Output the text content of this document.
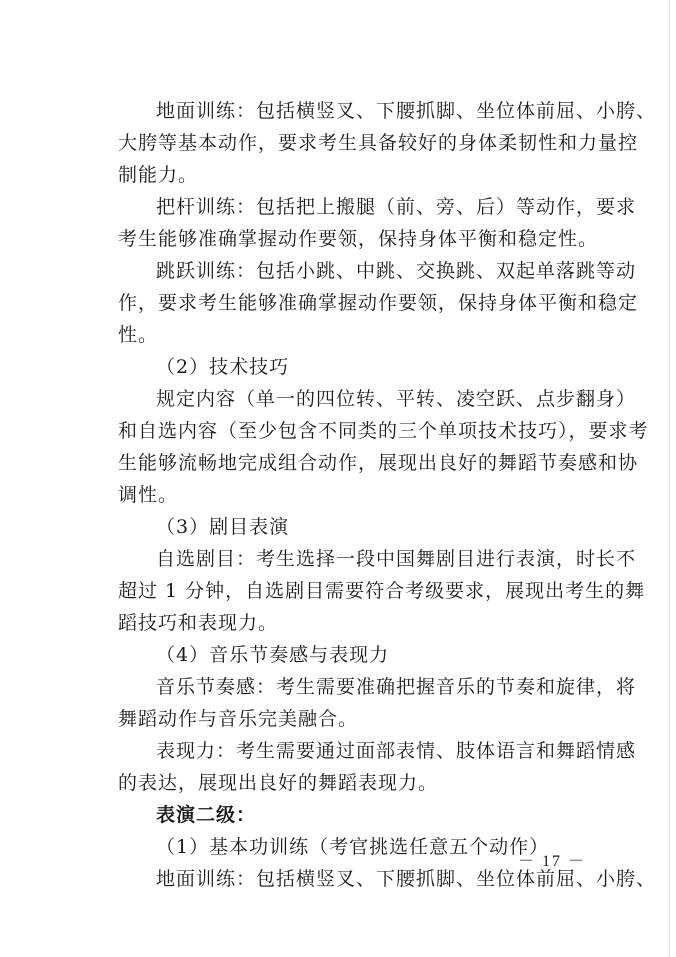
地面训练：包括横竖叉、下腰抓脚、坐位体前屈、小胯、
大胯等基本动作，要求考生具备较好的身体柔韧性和力量控
制能力。
把杆训练：包括把上搬腿（前、旁、后）等动作，要求
考生能够准确掌握动作要领，保持身体平衡和稳定性。
跳跃训练：包括小跳、中跳、交换跳、双起单落跳等动
作，要求考生能够准确掌握动作要领，保持身体平衡和稳定
性。
（2）技术技巧
规定内容（单一的四位转、平转、凌空跃、点步翻身）
和自选内容（至少包含不同类的三个单项技术技巧），要求考
生能够流畅地完成组合动作，展现出良好的舞蹈节奏感和协
调性。
（3）剧目表演
自选剧目：考生选择一段中国舞剧目进行表演，时长不
超过 1 分钟，自选剧目需要符合考级要求，展现出考生的舞
蹈技巧和表现力。
（4）音乐节奏感与表现力
音乐节奏感：考生需要准确把握音乐的节奏和旋律，将
舞蹈动作与音乐完美融合。
表现力：考生需要通过面部表情、肢体语言和舞蹈情感
的表达，展现出良好的舞蹈表现力。
表演二级：
（1）基本功训练（考官挑选任意五个动作）
地面训练：包括横竖叉、下腰抓脚、坐位体前屈、小胯、
－ 17 －
